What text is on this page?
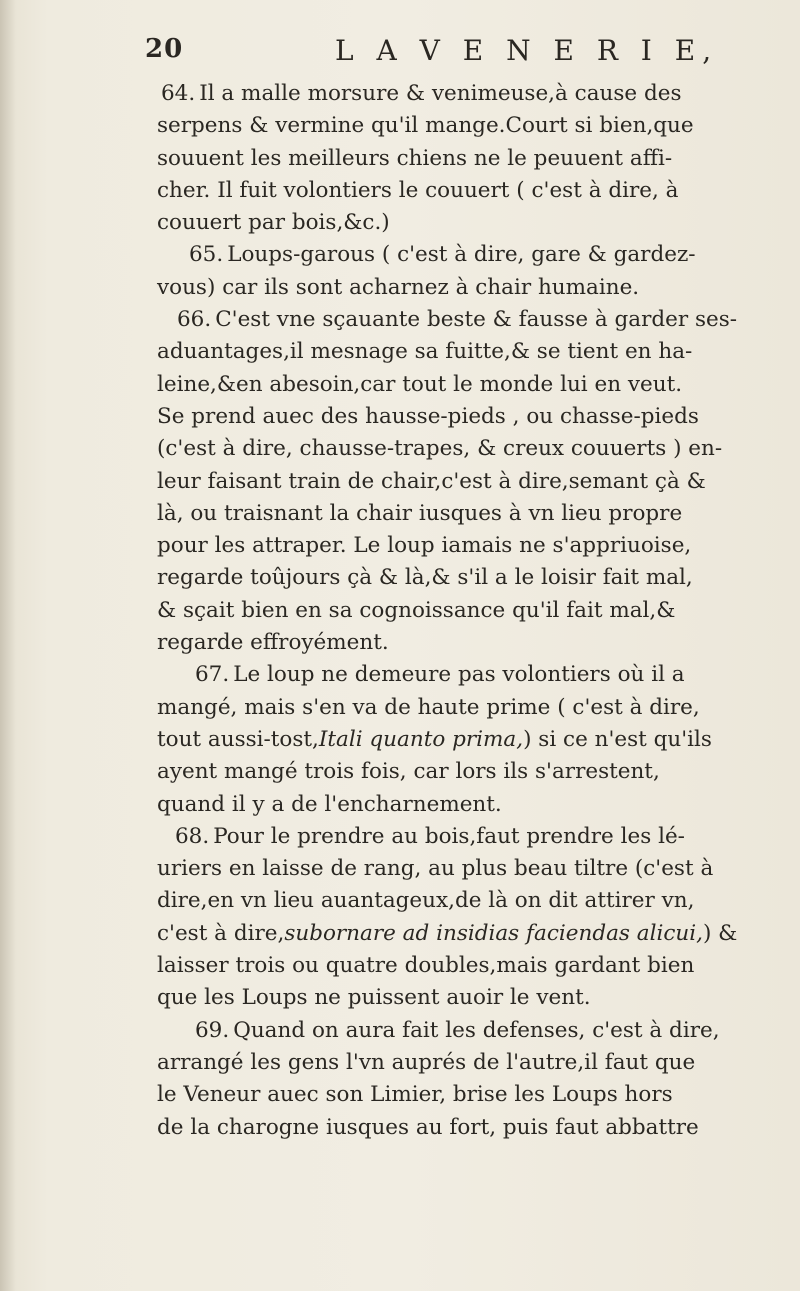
20	L A V E N E R I E,
64. Il a malle morsure & venimeuse,à cause des
serpens & vermine qu'il mange.Court si bien,que
souuent les meilleurs chiens ne le peuuent affi-
cher. Il fuit volontiers le couuert ( c'est à dire, à
couuert par bois,&c.)
65. Loups-garous ( c'est à dire, gare & gardez-
vous) car ils sont acharnez à chair humaine.
66. C'est vne sçauante beste & fausse à garder ses-
aduantages,il mesnage sa fuitte,& se tient en ha-
leine,&en abesoin,car tout le monde lui en veut.
Se prend auec des hausse-pieds , ou chasse-pieds
(c'est à dire, chausse-trapes, & creux couuerts ) en-
leur faisant train de chair,c'est à dire,semant çà &
là, ou traisnant la chair iusques à vn lieu propre
pour les attraper. Le loup iamais ne s'appriuoise,
regarde toûjours çà & là,& s'il a le loisir fait mal,
& sçait bien en sa cognoissance qu'il fait mal,&
regarde effroyément.
67. Le loup ne demeure pas volontiers où il a
mangé, mais s'en va de haute prime ( c'est à dire,
tout aussi-tost,Itali quanto prima,) si ce n'est qu'ils
ayent mangé trois fois, car lors ils s'arrestent,
quand il y a de l'encharnement.
68. Pour le prendre au bois,faut prendre les lé-
uriers en laisse de rang, au plus beau tiltre (c'est à
dire,en vn lieu auantageux,de là on dit attirer vn,
c'est à dire,subornare ad insidias faciendas alicui,) &
laisser trois ou quatre doubles,mais gardant bien
que les Loups ne puissent auoir le vent.
69. Quand on aura fait les defenses, c'est à dire,
arrangé les gens l'vn auprés de l'autre,il faut que
le Veneur auec son Limier, brise les Loups hors
de la charogne iusques au fort, puis faut abbattre
